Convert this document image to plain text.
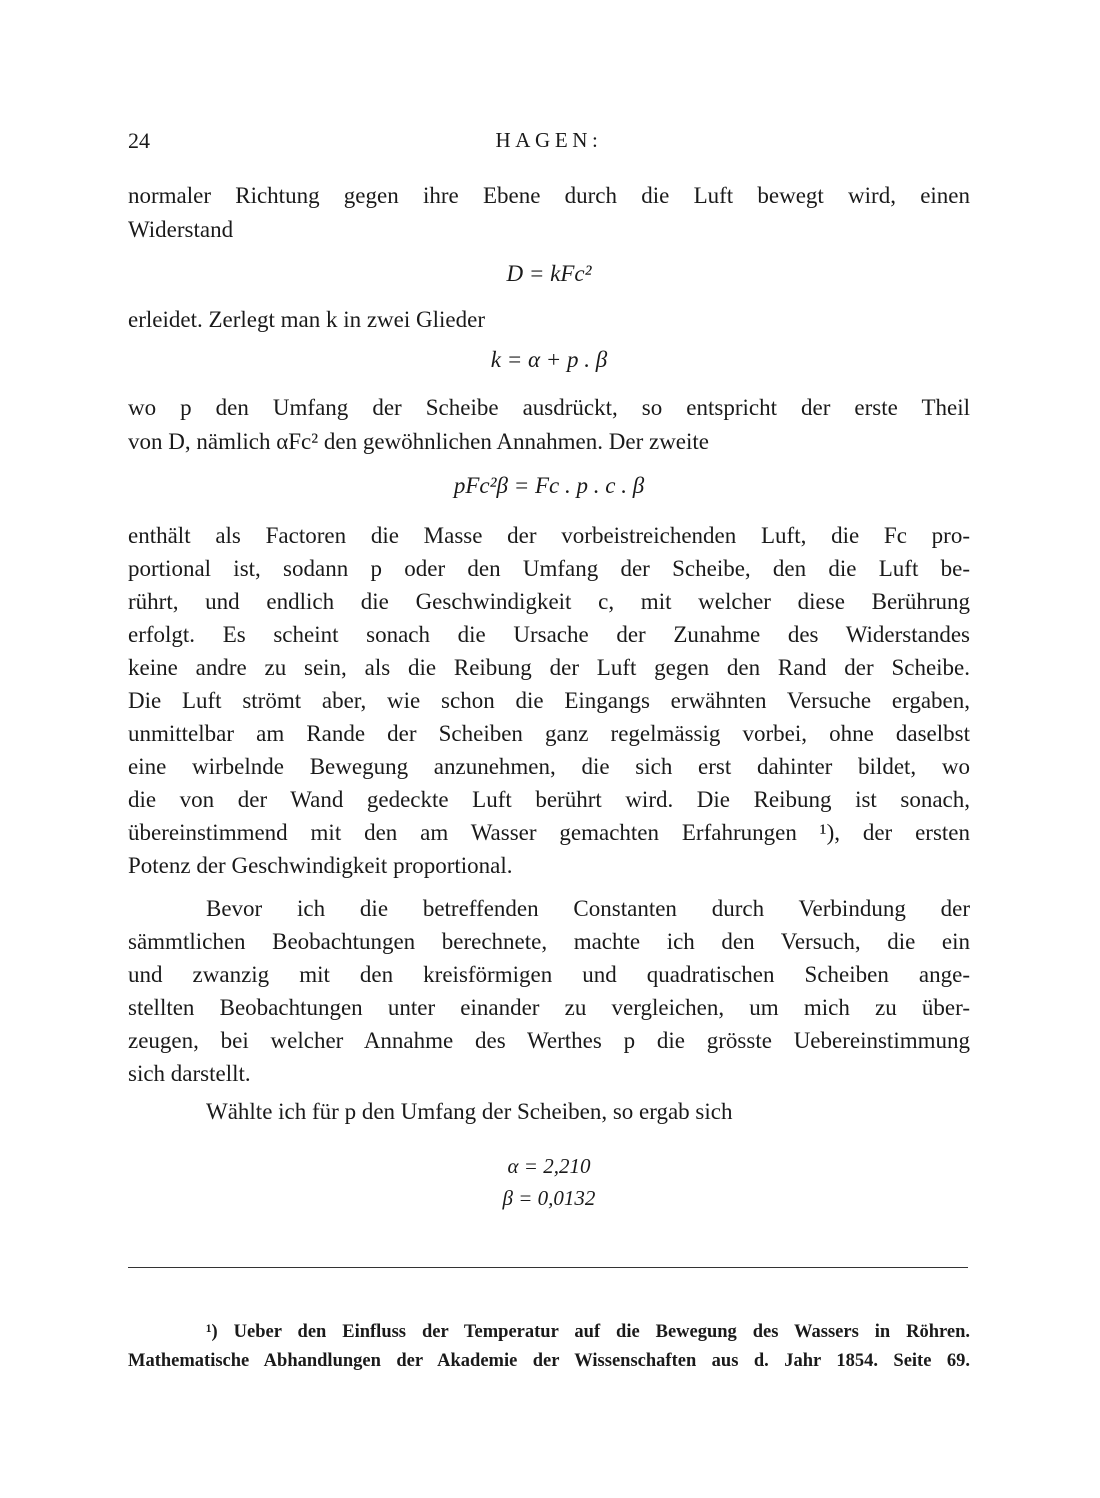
24	HAGEN:
normaler Richtung gegen ihre Ebene durch die Luft bewegt wird, einen
Widerstand
D = kFc²
erleidet. Zerlegt man k in zwei Glieder
k = α + p . β
wo p den Umfang der Scheibe ausdrückt, so entspricht der erste Theil
von D, nämlich αFc² den gewöhnlichen Annahmen. Der zweite
pFc²β = Fc . p . c . β
enthält als Factoren die Masse der vorbeistreichenden Luft, die Fc pro-
portional ist, sodann p oder den Umfang der Scheibe, den die Luft be-
rührt, und endlich die Geschwindigkeit c, mit welcher diese Berührung
erfolgt. Es scheint sonach die Ursache der Zunahme des Widerstandes
keine andre zu sein, als die Reibung der Luft gegen den Rand der Scheibe.
Die Luft strömt aber, wie schon die Eingangs erwähnten Versuche ergaben,
unmittelbar am Rande der Scheiben ganz regelmässig vorbei, ohne daselbst
eine wirbelnde Bewegung anzunehmen, die sich erst dahinter bildet, wo
die von der Wand gedeckte Luft berührt wird. Die Reibung ist sonach,
übereinstimmend mit den am Wasser gemachten Erfahrungen ¹), der ersten
Potenz der Geschwindigkeit proportional.
Bevor ich die betreffenden Constanten durch Verbindung der
sämmtlichen Beobachtungen berechnete, machte ich den Versuch, die ein
und zwanzig mit den kreisförmigen und quadratischen Scheiben ange-
stellten Beobachtungen unter einander zu vergleichen, um mich zu über-
zeugen, bei welcher Annahme des Werthes p die grösste Uebereinstimmung
sich darstellt.
Wählte ich für p den Umfang der Scheiben, so ergab sich
α = 2,210
β = 0,0132
¹) Ueber den Einfluss der Temperatur auf die Bewegung des Wassers in Röhren.
Mathematische Abhandlungen der Akademie der Wissenschaften aus d. Jahr 1854. Seite 69.
